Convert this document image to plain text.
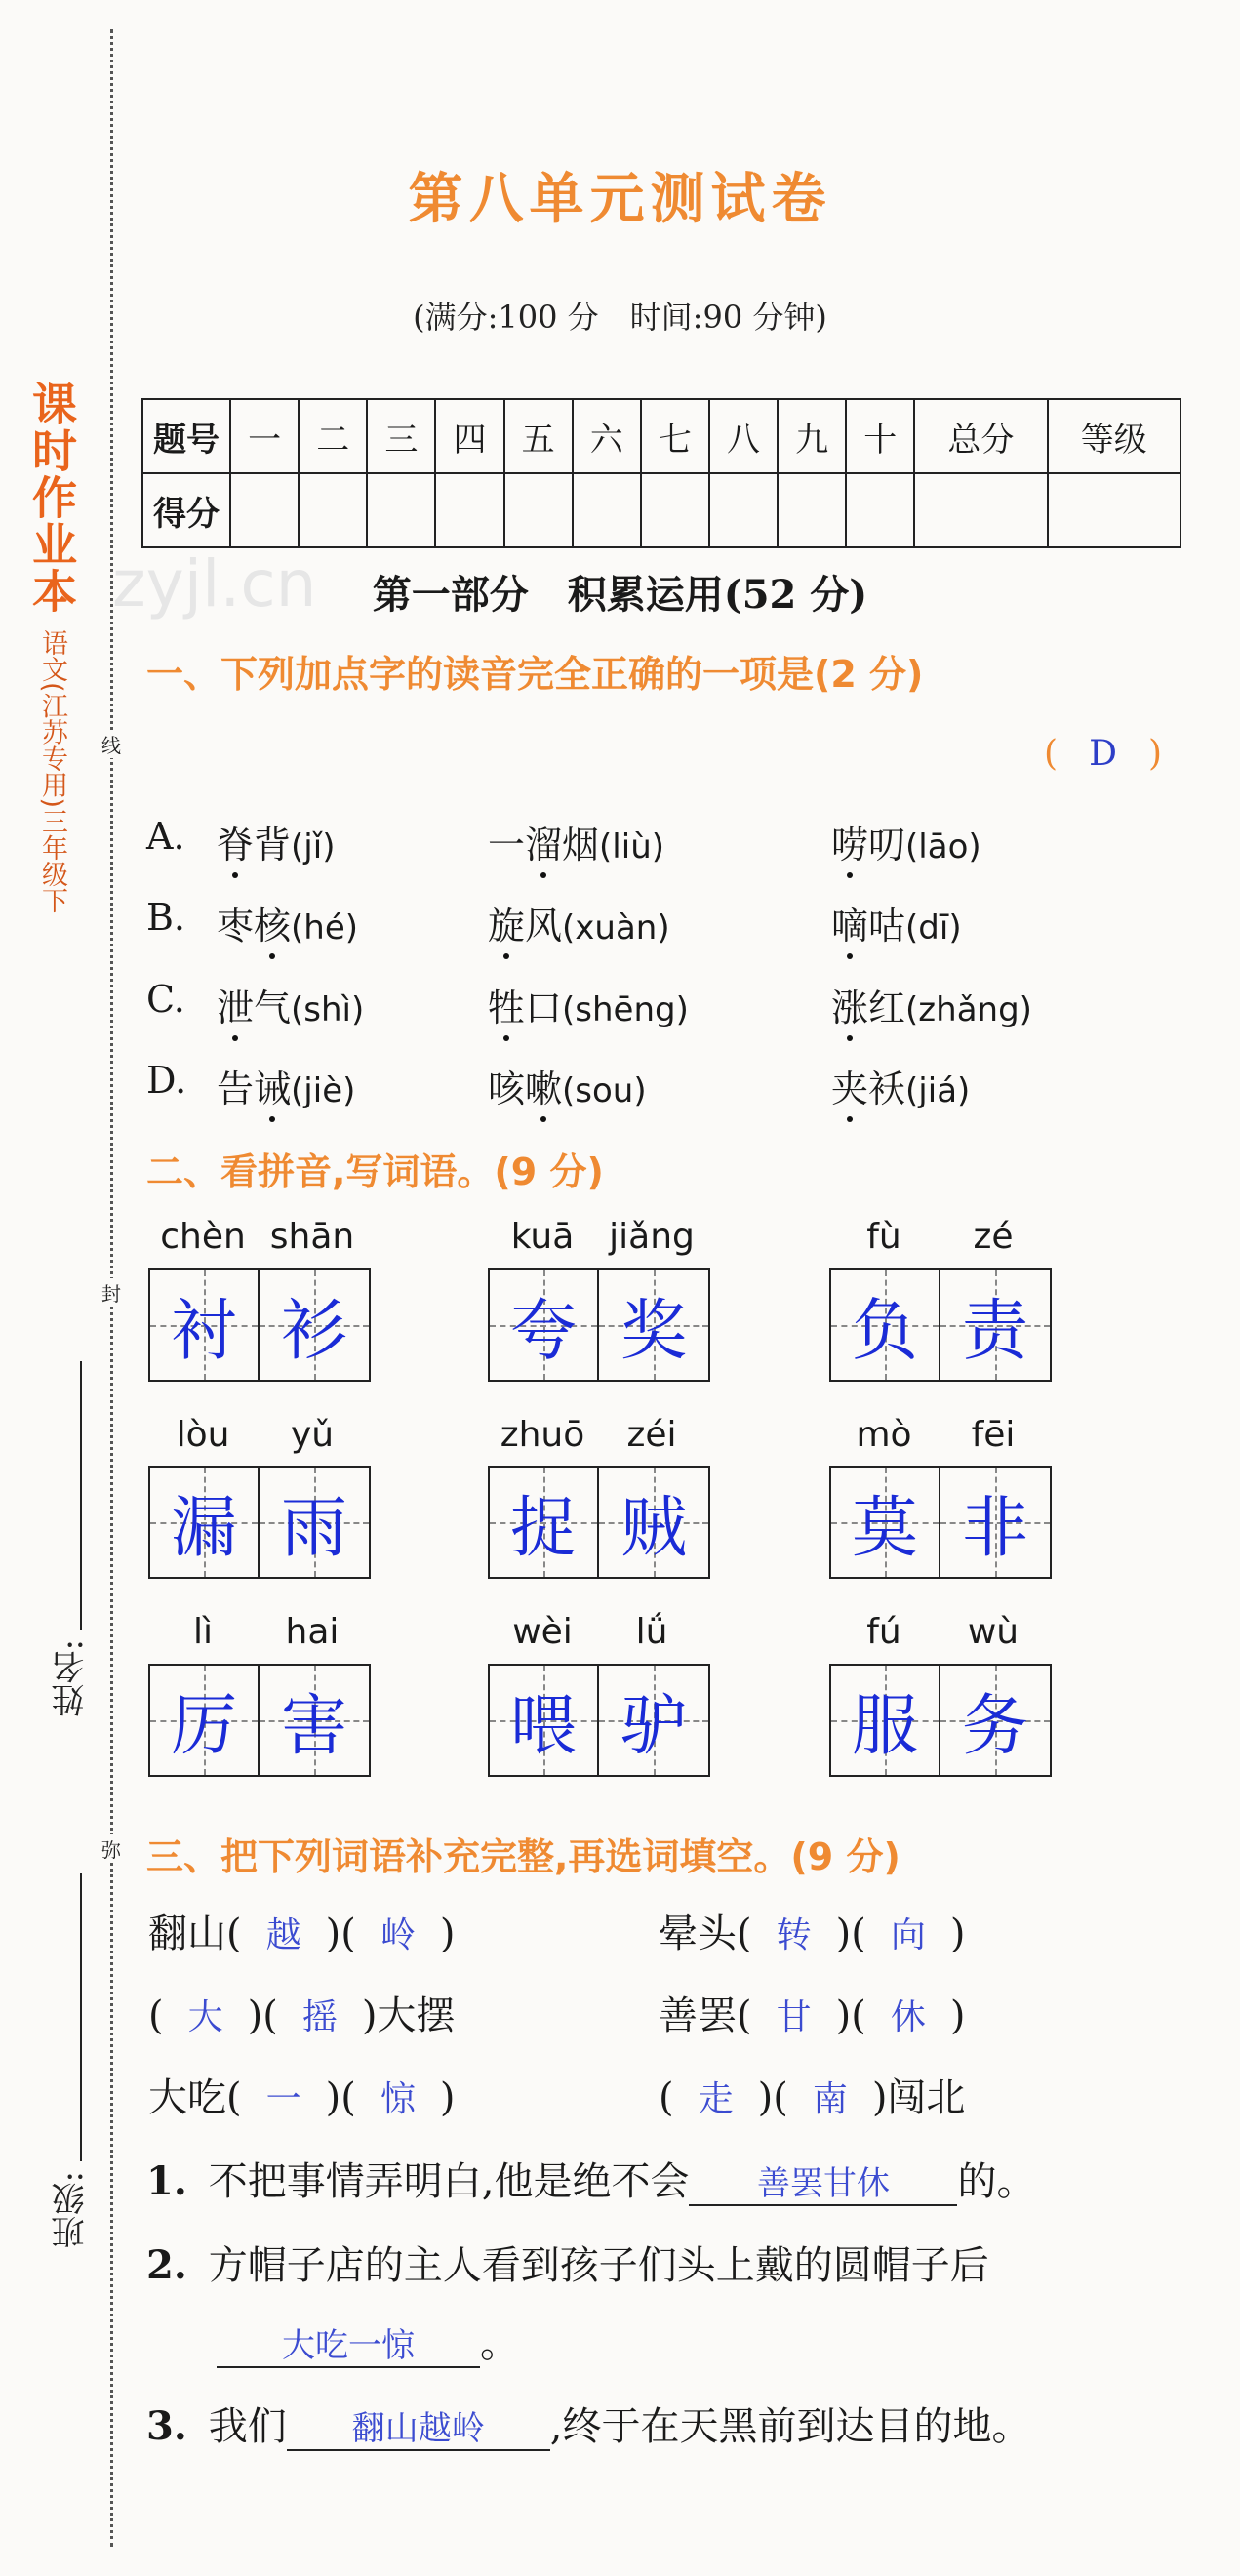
课时作业本 语文(江苏专用)三年级下	线
封
弥
姓名:
班级:
第八单元测试卷
(满分:100 分　时间:90 分钟)
题号	一	二	三	四	五	六	七	八	九	十	总分	等级
得分												
zyjl.cn	第一部分　积累运用(52 分)
一、下列加点字的读音完全正确的一项是(2 分)
( D )
A. 脊背(jǐ)	一溜烟(liù)	唠叨(lāo)
B. 枣核(hé)	旋风(xuàn)	嘀咕(dī)
C. 泄气(shì)	牲口(shēng)	涨红(zhǎng)
D. 告诫(jiè)	咳嗽(sou)	夹袄(jiá)
二、看拼音,写词语。(9 分)
chèn shān
衬 衫
kuā jiǎng
夸 奖
fù	zé
负 责
lòu	yǔ
漏 雨
zhuō	zéi
捉 贼
mò	fēi
莫 非
lì	hai
厉 害
wèi	lǘ
喂 驴
fú	wù
服 务
三、把下列词语补充完整,再选词填空。(9 分)
翻山( 越 )( 岭 )	晕头( 转 )( 向 )
( 大 )( 摇 )大摆	善罢( 甘 )( 休 )
大吃( 一 )( 惊 )	( 走 )( 南 )闯北
1. 不把事情弄明白,他是绝不会 善罢甘休 的。
2. 方帽子店的主人看到孩子们头上戴的圆帽子后
大吃一惊 。
3. 我们 翻山越岭 ,终于在天黑前到达目的地。
